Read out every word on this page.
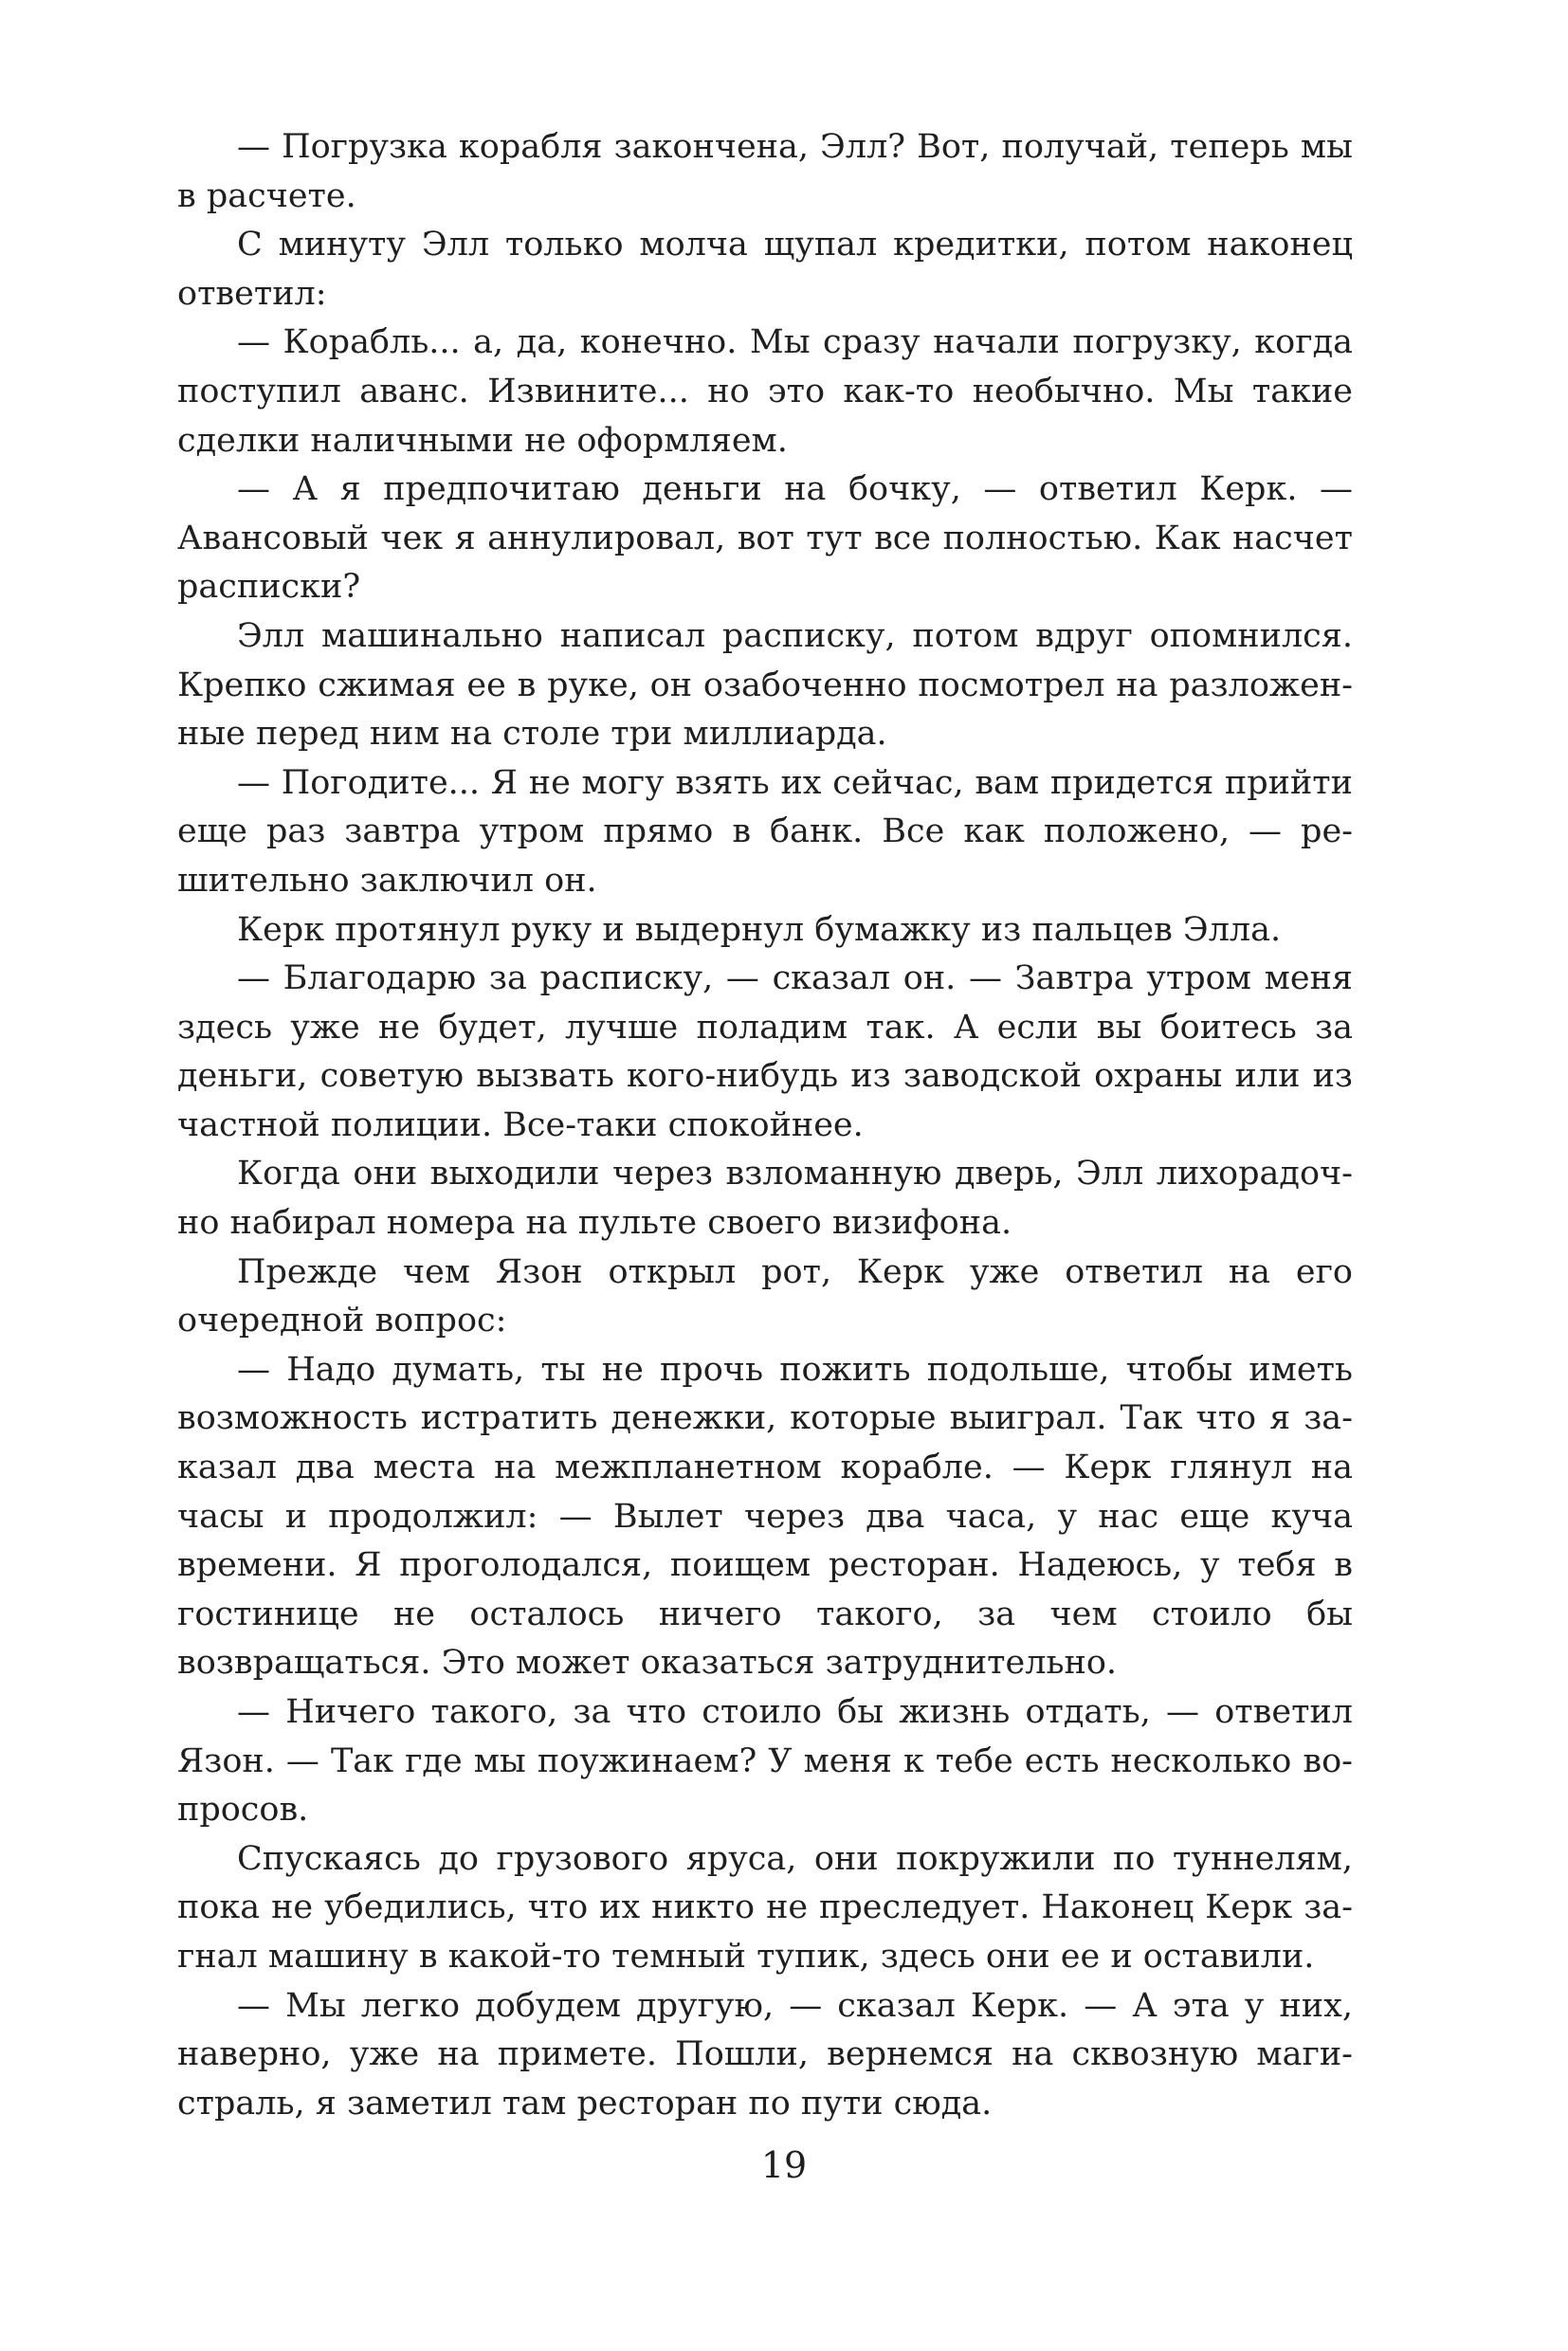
— Погрузка корабля закончена, Элл? Вот, получай, теперь мы в расчете.

С минуту Элл только молча щупал кредитки, потом наконец ответил:

— Корабль... а, да, конечно. Мы сразу начали погрузку, когда поступил аванс. Извините... но это как-то необычно. Мы такие сделки наличными не оформляем.

— А я предпочитаю деньги на бочку, — ответил Керк. — Авансовый чек я аннулировал, вот тут все полностью. Как насчет расписки?

Элл машинально написал расписку, потом вдруг опомнился. Крепко сжимая ее в руке, он озабоченно посмотрел на разложенные перед ним на столе три миллиарда.

— Погодите... Я не могу взять их сейчас, вам придется прийти еще раз завтра утром прямо в банк. Все как положено, — решительно заключил он.

Керк протянул руку и выдернул бумажку из пальцев Элла.

— Благодарю за расписку, — сказал он. — Завтра утром меня здесь уже не будет, лучше поладим так. А если вы боитесь за деньги, советую вызвать кого-нибудь из заводской охраны или из частной полиции. Все-таки спокойнее.

Когда они выходили через взломанную дверь, Элл лихорадочно набирал номера на пульте своего визифона.

Прежде чем Язон открыл рот, Керк уже ответил на его очередной вопрос:

— Надо думать, ты не прочь пожить подольше, чтобы иметь возможность истратить денежки, которые выиграл. Так что я заказал два места на межпланетном корабле. — Керк глянул на часы и продолжил: — Вылет через два часа, у нас еще куча времени. Я проголодался, поищем ресторан. Надеюсь, у тебя в гостинице не осталось ничего такого, за чем стоило бы возвращаться. Это может оказаться затруднительно.

— Ничего такого, за что стоило бы жизнь отдать, — ответил Язон. — Так где мы поужинаем? У меня к тебе есть несколько вопросов.

Спускаясь до грузового яруса, они покружили по туннелям, пока не убедились, что их никто не преследует. Наконец Керк загнал машину в какой-то темный тупик, здесь они ее и оставили.

— Мы легко добудем другую, — сказал Керк. — А эта у них, наверно, уже на примете. Пошли, вернемся на сквозную магистраль, я заметил там ресторан по пути сюда.

19
